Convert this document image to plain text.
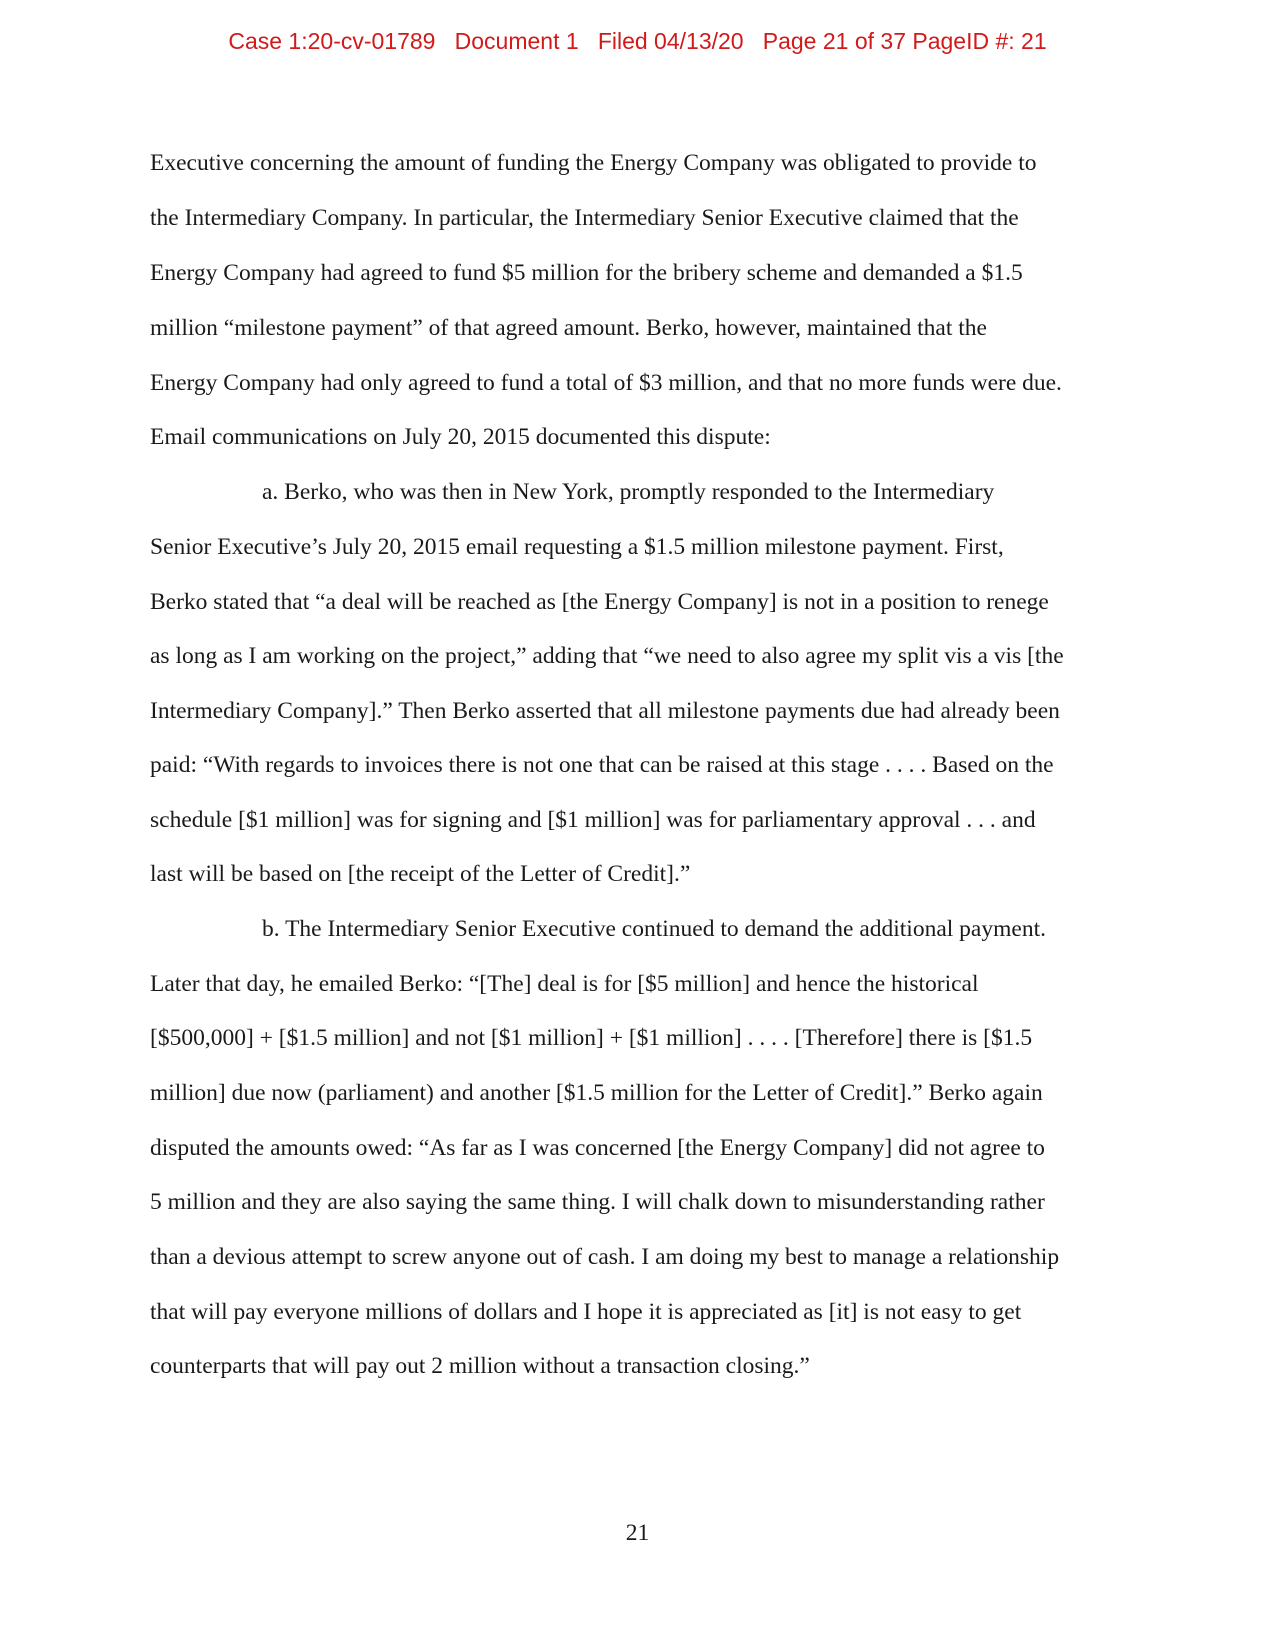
Case 1:20-cv-01789   Document 1   Filed 04/13/20   Page 21 of 37 PageID #: 21
Executive concerning the amount of funding the Energy Company was obligated to provide to
the Intermediary Company. In particular, the Intermediary Senior Executive claimed that the
Energy Company had agreed to fund $5 million for the bribery scheme and demanded a $1.5
million “milestone payment” of that agreed amount. Berko, however, maintained that the
Energy Company had only agreed to fund a total of $3 million, and that no more funds were due.
Email communications on July 20, 2015 documented this dispute:
a. Berko, who was then in New York, promptly responded to the Intermediary
Senior Executive’s July 20, 2015 email requesting a $1.5 million milestone payment. First,
Berko stated that “a deal will be reached as [the Energy Company] is not in a position to renege
as long as I am working on the project,” adding that “we need to also agree my split vis a vis [the
Intermediary Company].” Then Berko asserted that all milestone payments due had already been
paid: “With regards to invoices there is not one that can be raised at this stage . . . . Based on the
schedule [$1 million] was for signing and [$1 million] was for parliamentary approval . . . and
last will be based on [the receipt of the Letter of Credit].”
b. The Intermediary Senior Executive continued to demand the additional payment.
Later that day, he emailed Berko: “[The] deal is for [$5 million] and hence the historical
[$500,000] + [$1.5 million] and not [$1 million] + [$1 million] . . . . [Therefore] there is [$1.5
million] due now (parliament) and another [$1.5 million for the Letter of Credit].” Berko again
disputed the amounts owed: “As far as I was concerned [the Energy Company] did not agree to
5 million and they are also saying the same thing. I will chalk down to misunderstanding rather
than a devious attempt to screw anyone out of cash. I am doing my best to manage a relationship
that will pay everyone millions of dollars and I hope it is appreciated as [it] is not easy to get
counterparts that will pay out 2 million without a transaction closing.”
21
